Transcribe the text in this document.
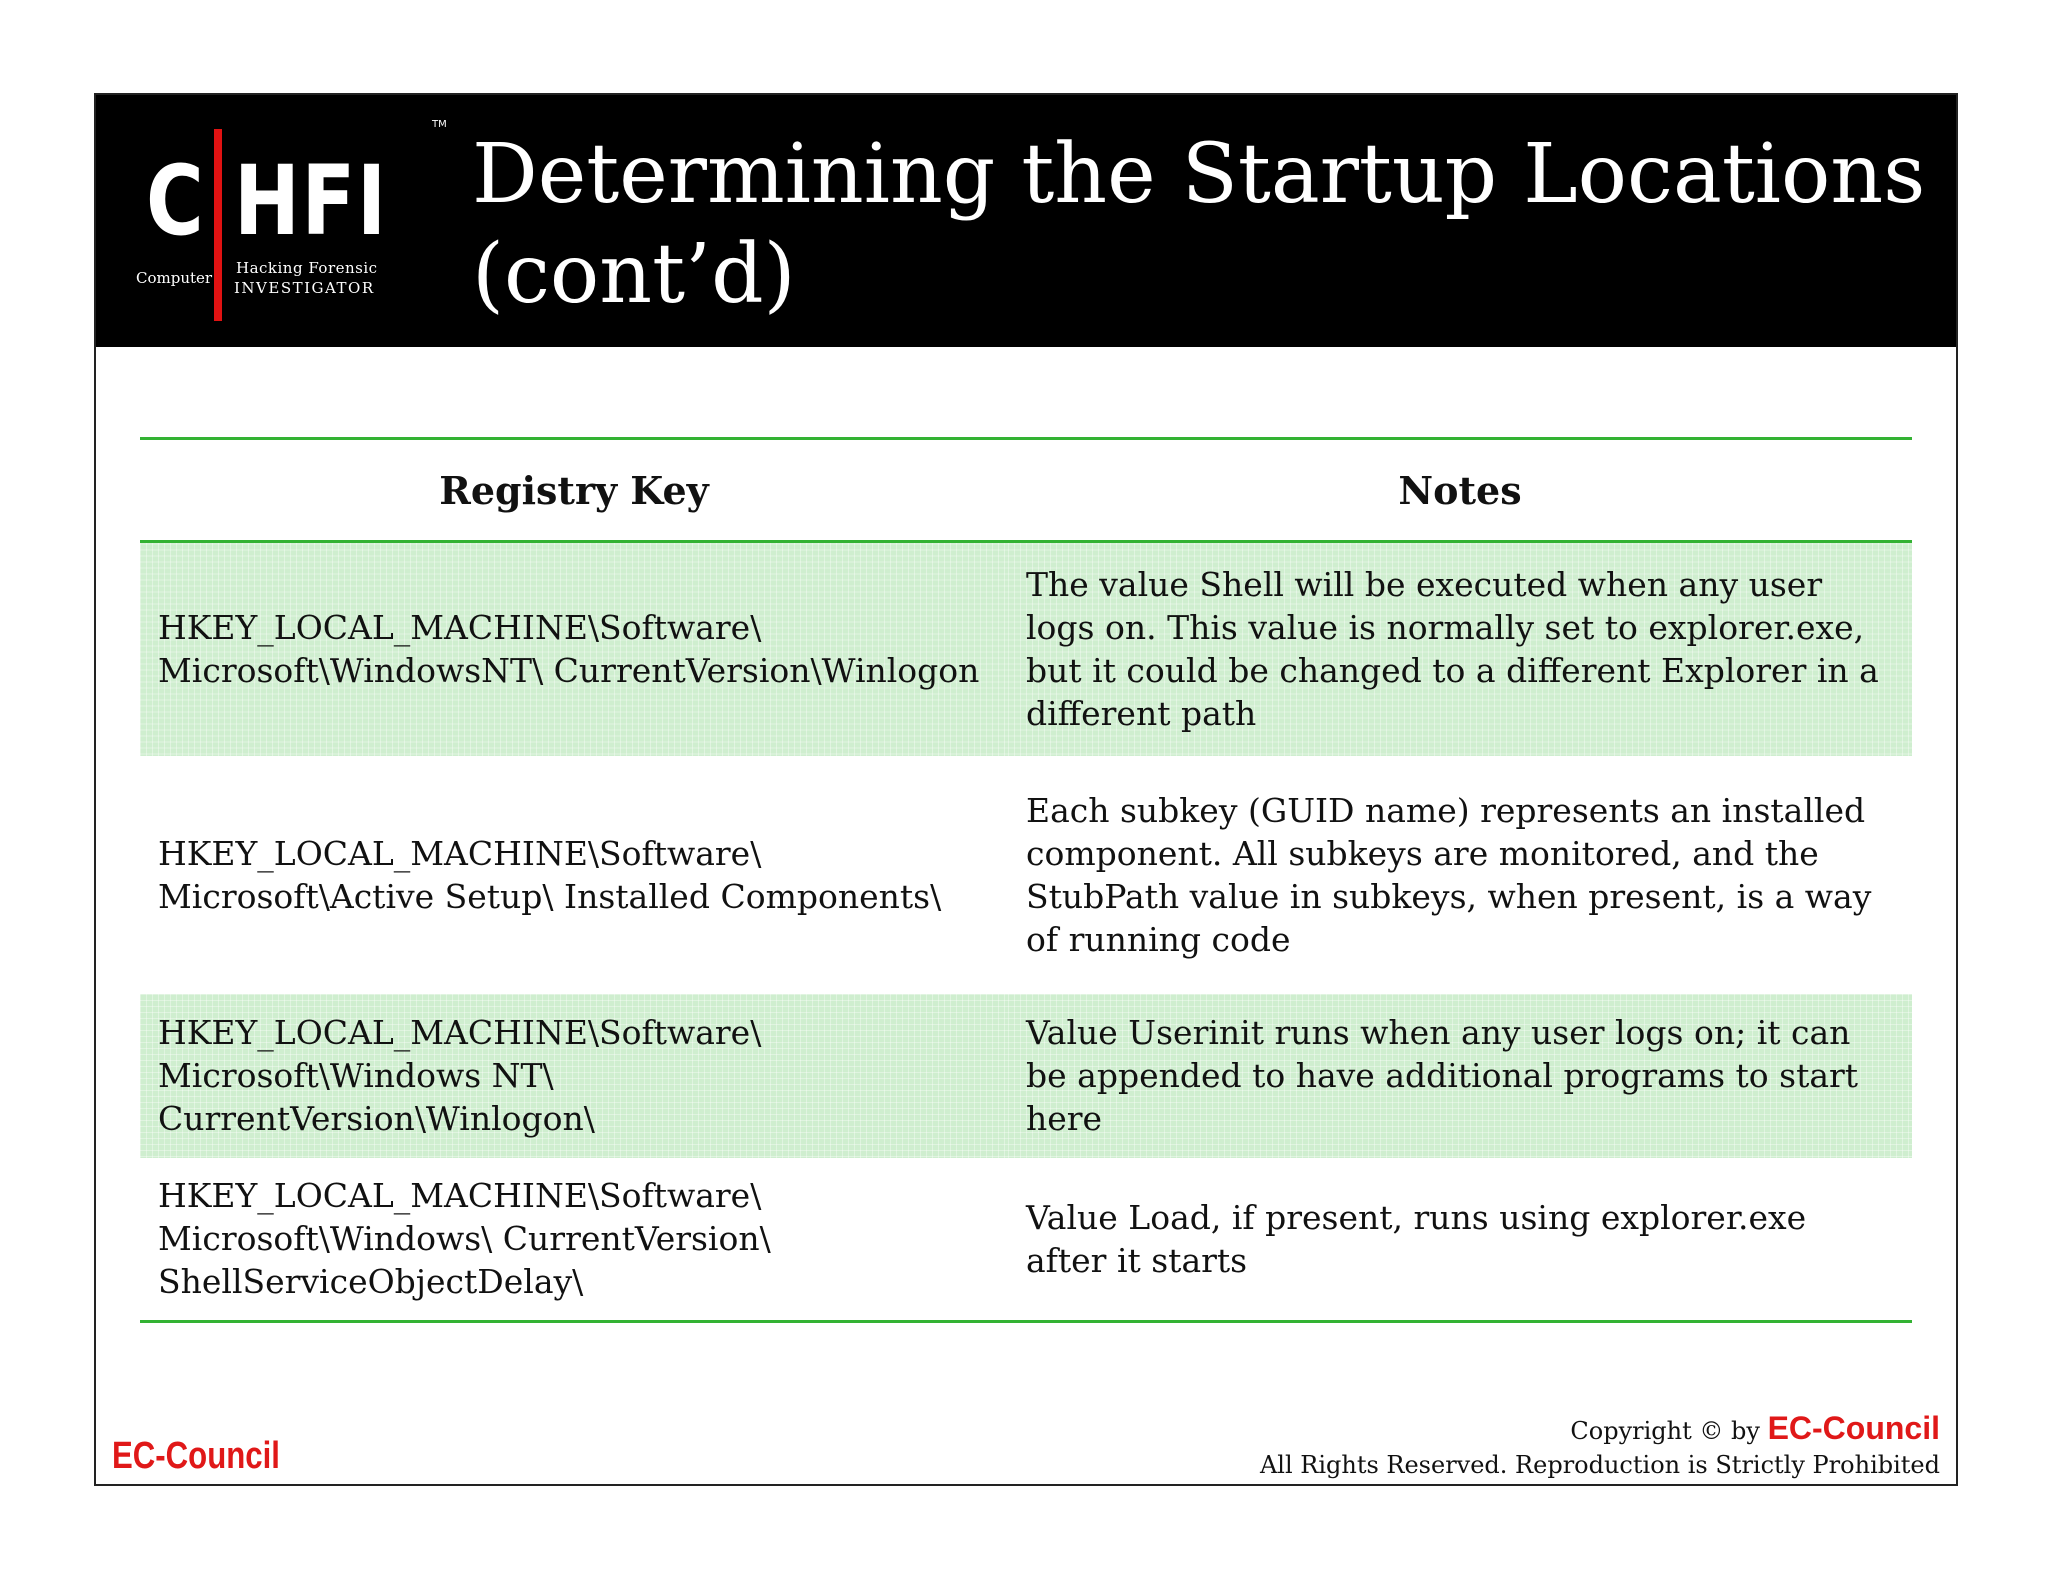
C HFI
TM
Computer
Hacking Forensic
INVESTIGATOR
Determining the Startup Locations (cont’d)
Registry Key	Notes
HKEY_LOCAL_MACHINE\Software\ Microsoft\WindowsNT\ CurrentVersion\Winlogon	The value Shell will be executed when any user logs on. This value is normally set to explorer.exe, but it could be changed to a different Explorer in a different path
HKEY_LOCAL_MACHINE\Software\ Microsoft\Active Setup\ Installed Components\	Each subkey (GUID name) represents an installed component. All subkeys are monitored, and the StubPath value in subkeys, when present, is a way of running code
HKEY_LOCAL_MACHINE\Software\ Microsoft\Windows NT\ CurrentVersion\Winlogon\	Value Userinit runs when any user logs on; it can be appended to have additional programs to start here
HKEY_LOCAL_MACHINE\Software\ Microsoft\Windows\ CurrentVersion\ ShellServiceObjectDelay\	Value Load, if present, runs using explorer.exe after it starts
EC-Council
Copyright © by EC-Council
All Rights Reserved. Reproduction is Strictly Prohibited
